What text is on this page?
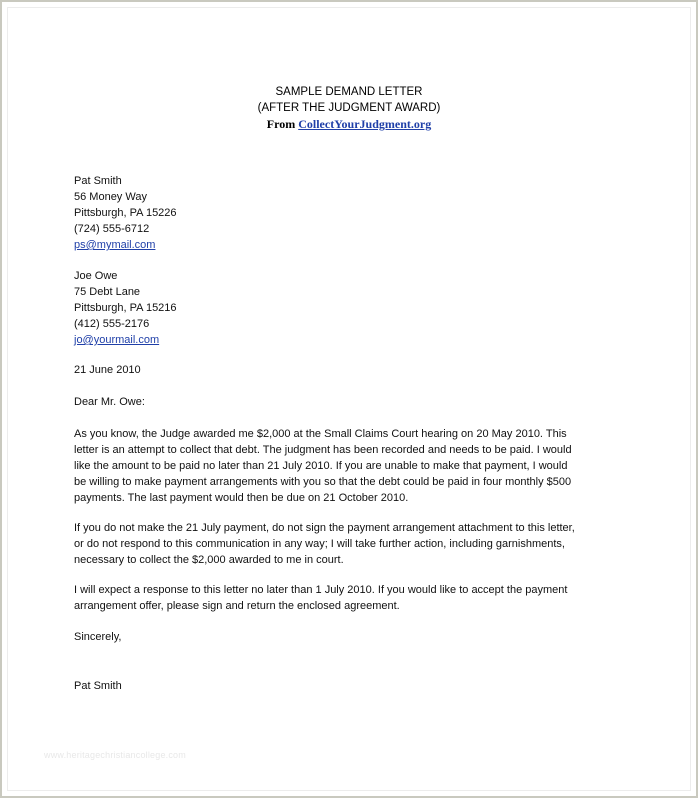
SAMPLE DEMAND LETTER
(AFTER THE JUDGMENT AWARD)
From CollectYourJudgment.org

Pat Smith

56 Money Way

Pittsburgh, PA 15226

(724) 555-6712

ps@mymail.com

Joe Owe

75 Debt Lane

Pittsburgh, PA 15216

(412) 555-2176

jo@yourmail.com

21 June 2010

Dear Mr. Owe:

As you know, the Judge awarded me $2,000 at the Small Claims Court hearing on 20 May 2010. This

letter is an attempt to collect that debt. The judgment has been recorded and needs to be paid. I would

like the amount to be paid no later than 21 July 2010. If you are unable to make that payment, I would

be willing to make payment arrangements with you so that the debt could be paid in four monthly $500

payments. The last payment would then be due on 21 October 2010.

If you do not make the 21 July payment, do not sign the payment arrangement attachment to this letter,

or do not respond to this communication in any way; I will take further action, including garnishments,

necessary to collect the $2,000 awarded to me in court.

I will expect a response to this letter no later than 1 July 2010. If you would like to accept the payment

arrangement offer, please sign and return the enclosed agreement.

Sincerely,

Pat Smith

www.heritagechristiancollege.com
